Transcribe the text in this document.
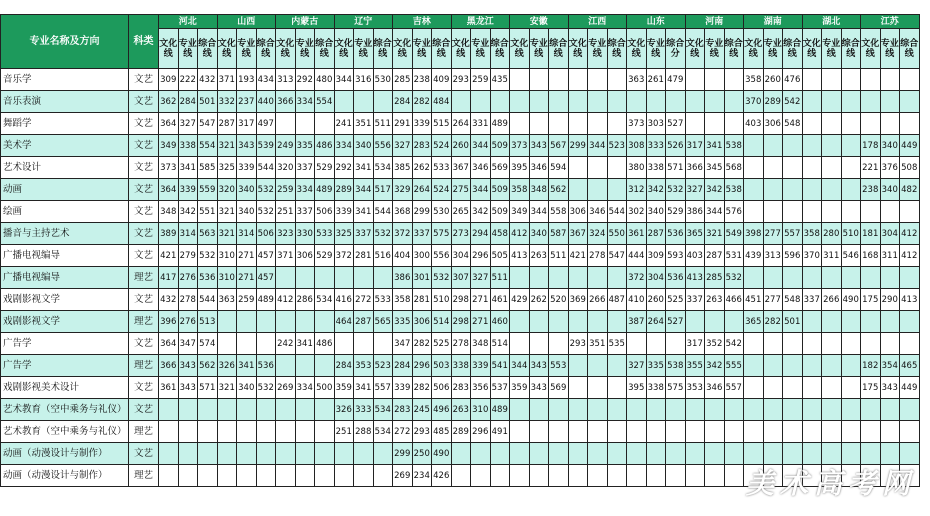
专业名称及方向	科类	河北			山西			内蒙古			辽宁			吉林			黑龙江			安徽			江西			山东			河南			湖南			湖北			江苏		
		文化线	专业线	综合线	文化线	专业线	综合线	文化线	专业线	综合线	文化线	专业线	综合线	文化线	专业线	综合线	文化线	专业线	综合线	文化线	专业线	综合线	文化线	专业线	综合线	文化线	专业线	综合分	文化线	专业线	综合线	文化线	专业线	综合线	文化线	专业线	综合线	文化线	专业线	综合线
音乐学	文艺	309	222	432	371	193	434	313	292	480	344	316	530	285	238	409	293	259	435							363	261	479				358	260	476						
音乐表演	文艺	362	284	501	332	237	440	366	334	554				284	282	484																370	289	542						
舞蹈学	文艺	364	327	547	287	317	497				241	351	511	291	339	515	264	331	489							373	303	527				403	306	548						
美术学	文艺	349	338	554	321	343	539	249	335	486	334	340	556	327	283	524	260	344	509	373	343	567	299	344	523	308	333	526	317	341	538							178	340	449
艺术设计	文艺	373	341	585	325	339	544	320	337	529	292	341	534	385	262	533	367	346	569	395	346	594				380	338	571	366	345	568							221	376	508
动画	文艺	364	339	559	320	340	532	259	334	489	289	344	517	329	264	524	275	344	509	358	348	562				312	342	532	327	342	538							238	340	482
绘画	文艺	348	342	551	321	340	532	251	337	506	339	341	544	368	299	530	265	342	509	349	344	558	306	346	544	302	340	529	386	344	576									
播音与主持艺术	文艺	389	314	563	321	314	506	323	330	533	325	337	532	372	337	575	273	294	458	412	340	587	367	324	550	361	287	536	365	321	549	398	277	557	358	280	510	181	304	412
广播电视编导	文艺	421	279	532	310	271	457	371	306	529	372	281	516	404	300	556	304	296	505	413	263	511	421	278	547	444	309	593	403	287	531	439	313	596	370	311	546	168	311	412
广播电视编导	理艺	417	276	536	310	271	457							386	301	532	307	327	511							372	304	536	413	285	532									
戏剧影视文学	文艺	432	278	544	363	259	489	412	286	534	416	272	533	358	281	510	298	271	461	429	262	520	369	266	487	410	260	525	337	263	466	451	277	548	337	266	490	175	290	413
戏剧影视文学	理艺	396	276	513							464	287	565	335	306	514	298	271	460							387	264	527				365	282	501						
广告学	文艺	364	347	574				242	341	486				347	282	525	278	348	514				293	351	535				317	352	542									
广告学	理艺	366	343	562	326	341	536				284	353	523	284	296	503	338	339	541	344	343	553				327	335	538	355	342	555							182	354	465
戏剧影视美术设计	文艺	361	343	571	321	340	532	269	334	500	359	341	557	339	282	506	283	356	537	359	343	569				395	338	575	353	346	557							175	343	449
艺术教育（空中乘务与礼仪）	文艺										326	333	534	283	245	496	263	310	489																					
艺术教育（空中乘务与礼仪）	理艺										251	288	534	272	293	485	289	296	491																					
动画（动漫设计与制作）	文艺													299	250	490																								
动画（动漫设计与制作）	理艺													269	234	426																									美术高考网
